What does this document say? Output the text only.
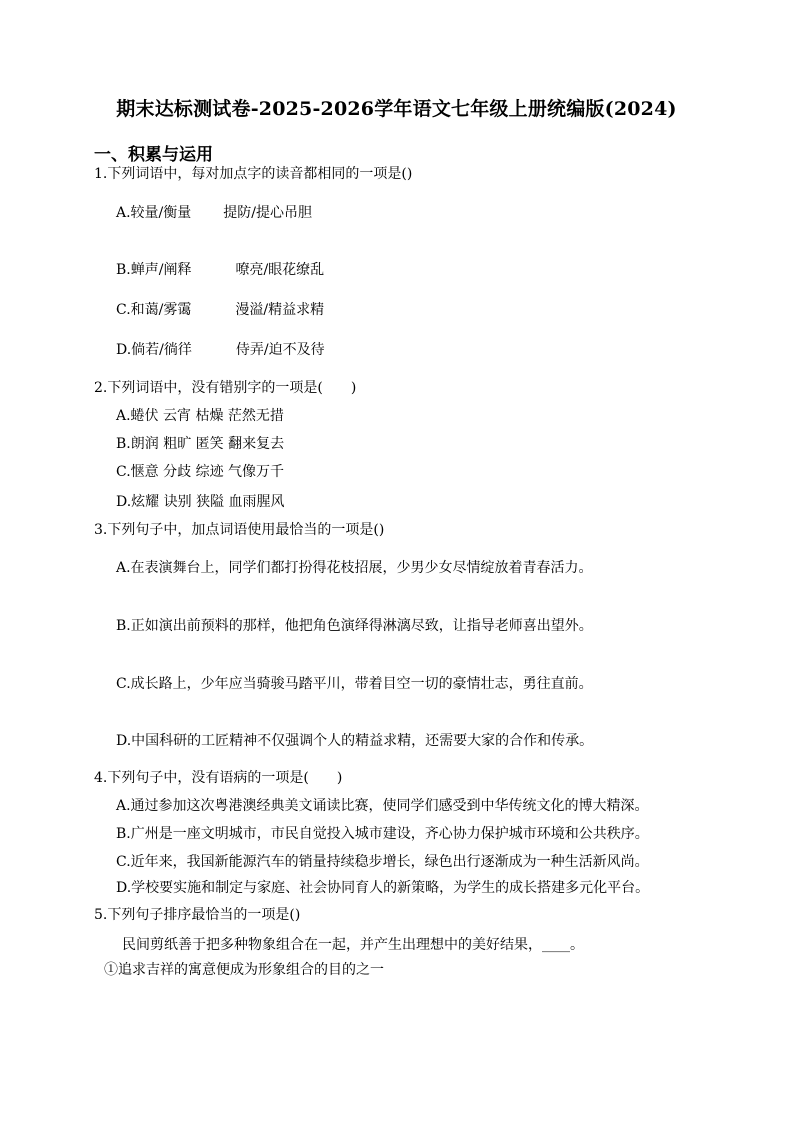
期末达标测试卷-2025-2026学年语文七年级上册统编版(2024)
一、积累与运用
1.下列词语中，每对加点字的读音都相同的一项是()
A.较量/衡量 提防/提心吊胆
B.蝉声/阐释	嘹亮/眼花缭乱
C.和蔼/雾霭	漫溢/精益求精
D.倘若/徜徉	侍弄/迫不及待
2.下列词语中，没有错别字的一项是(　　)
A.蜷伏 云宵 枯燥 茫然无措
B.朗润 粗旷 匿笑 翻来复去
C.惬意 分歧 综迹 气像万千
D.炫耀 诀别 狭隘 血雨腥风
3.下列句子中，加点词语使用最恰当的一项是()
A.在表演舞台上，同学们都打扮得花枝招展，少男少女尽情绽放着青春活力。
B.正如演出前预料的那样，他把角色演绎得淋漓尽致，让指导老师喜出望外。
C.成长路上，少年应当骑骏马踏平川，带着目空一切的豪情壮志，勇往直前。
D.中国科研的工匠精神不仅强调个人的精益求精，还需要大家的合作和传承。
4.下列句子中，没有语病的一项是(　　)
A.通过参加这次粤港澳经典美文诵读比赛，使同学们感受到中华传统文化的博大精深。
B.广州是一座文明城市，市民自觉投入城市建设，齐心协力保护城市环境和公共秩序。
C.近年来，我国新能源汽车的销量持续稳步增长，绿色出行逐渐成为一种生活新风尚。
D.学校要实施和制定与家庭、社会协同育人的新策略，为学生的成长搭建多元化平台。
5.下列句子排序最恰当的一项是()
民间剪纸善于把多种物象组合在一起，并产生出理想中的美好结果，____。
①追求吉祥的寓意便成为形象组合的目的之一
